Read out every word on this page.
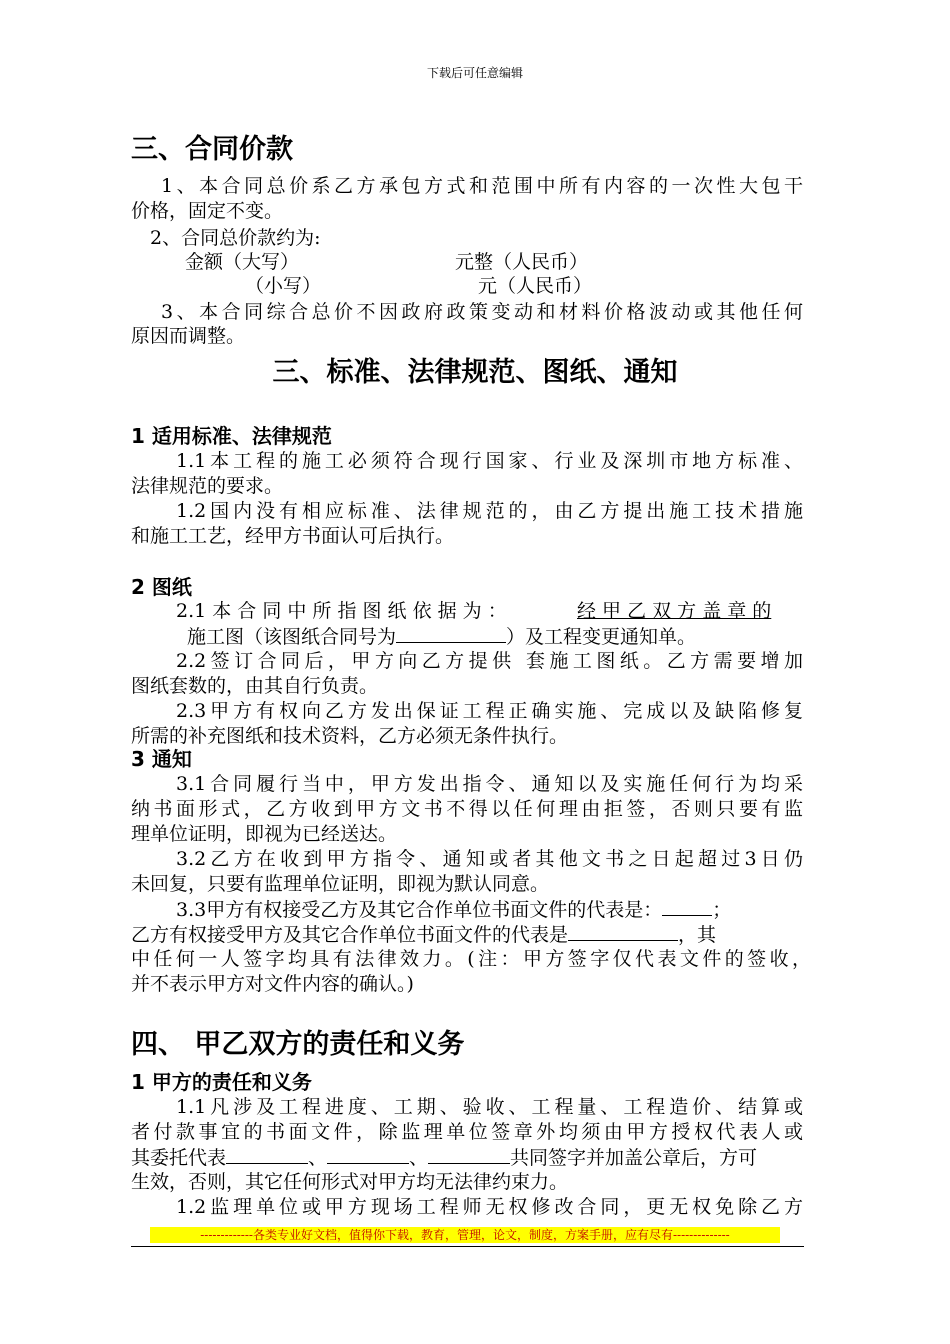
下载后可任意编辑
三、合同价款
1、本合同总价系乙方承包方式和范围中所有内容的一次性大包干
价格，固定不变。
2、合同总价款约为:
金额（大写）	元整（人民币）
（小写）	元（人民币）
3、本合同综合总价不因政府政策变动和材料价格波动或其他任何
原因而调整。
三、标准、法律规范、图纸、通知
1 适用标准、法律规范
1.1本工程的施工必须符合现行国家、行业及深圳市地方标准、
法律规范的要求。
1.2国内没有相应标准、法律规范的，由乙方提出施工技术措施
和施工工艺，经甲方书面认可后执行。
2 图纸
2.1 本 合 同 中 所 指 图 纸 依 据 为 ：	经 甲 乙 双 方 盖 章 的
施工图（该图纸合同号为	）及工程变更通知单。
2.2签订合同后，甲方向乙方提供 套施工图纸。乙方需要增加
图纸套数的，由其自行负责。
2.3甲方有权向乙方发出保证工程正确实施、完成以及缺陷修复
所需的补充图纸和技术资料，乙方必须无条件执行。
3 通知
3.1合同履行当中，甲方发出指令、通知以及实施任何行为均采
纳书面形式，乙方收到甲方文书不得以任何理由拒签，否则只要有监
理单位证明，即视为已经送达。
3.2乙方在收到甲方指令、通知或者其他文书之日起超过3日仍
未回复，只要有监理单位证明，即视为默认同意。
3.3甲方有权接受乙方及其它合作单位书面文件的代表是：	；
乙方有权接受甲方及其它合作单位书面文件的代表是	，其
中任何一人签字均具有法律效力。(注：甲方签字仅代表文件的签收，
并不表示甲方对文件内容的确认。)
四、 甲乙双方的责任和义务
1 甲方的责任和义务
1.1凡涉及工程进度、工期、验收、工程量、工程造价、结算或
者付款事宜的书面文件，除监理单位签章外均须由甲方授权代表人或
其委托代表	、	、	共同签字并加盖公章后，方可
生效，否则，其它任何形式对甲方均无法律约束力。
1.2监理单位或甲方现场工程师无权修改合同，更无权免除乙方
-------------各类专业好文档，值得你下载，教育，管理，论文，制度，方案手册，应有尽有--------------
